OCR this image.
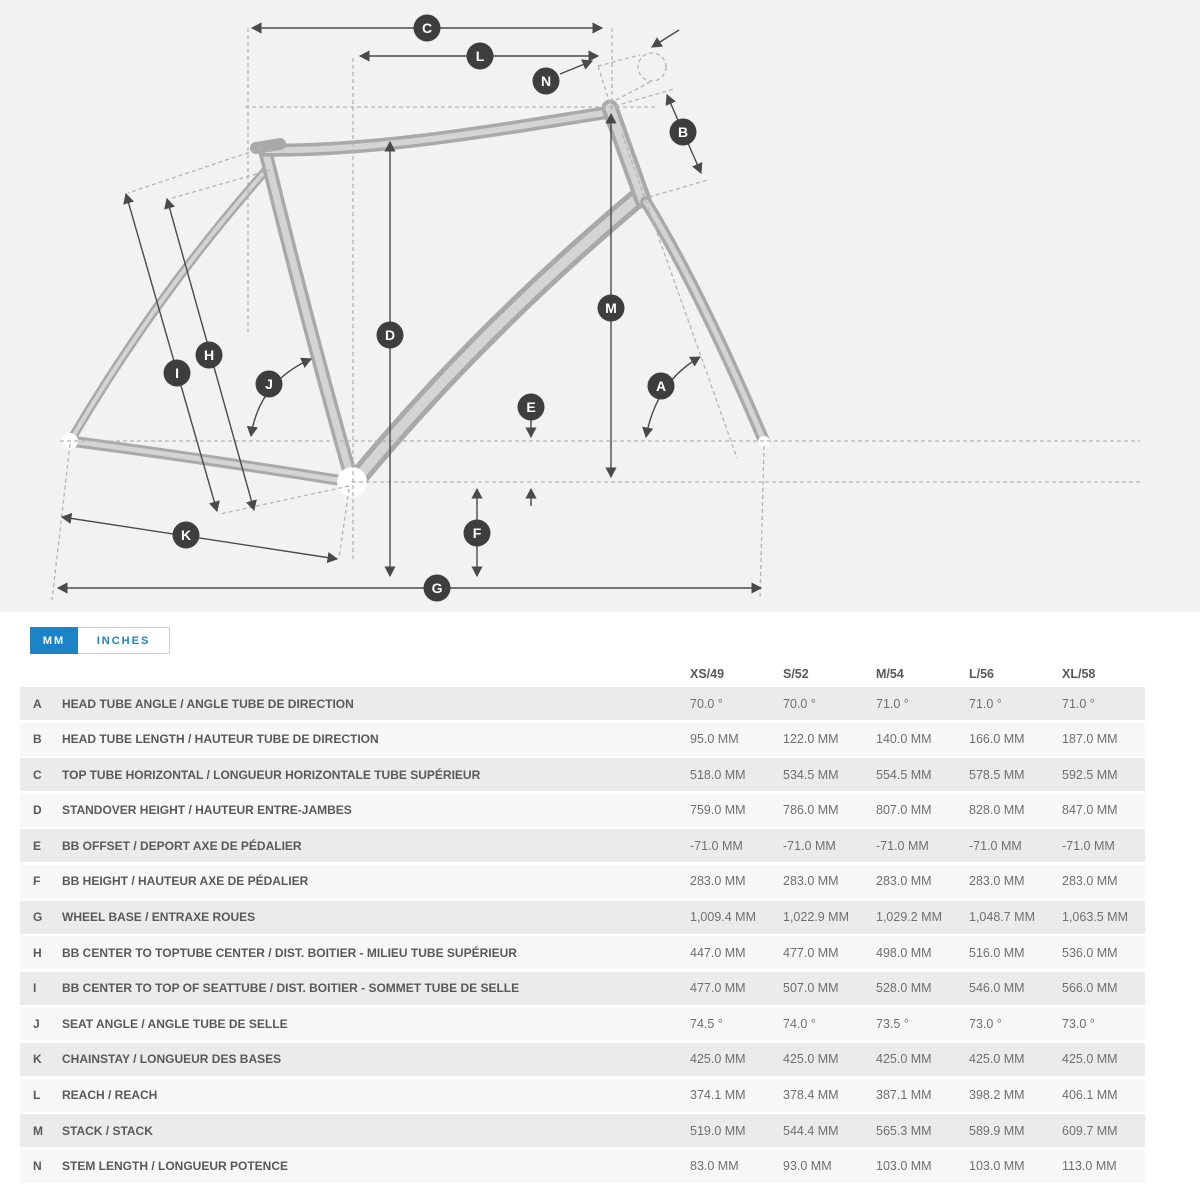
C
L
N
B
M
D
H
I
J
E
A
K	F
G
MM	INCHES
XS/49	S/52	M/54	L/56	XL/58
A	HEAD TUBE ANGLE / ANGLE TUBE DE DIRECTION	70.0 °	70.0 °	71.0 °	71.0 °	71.0 °
B	HEAD TUBE LENGTH / HAUTEUR TUBE DE DIRECTION	95.0 MM	122.0 MM	140.0 MM	166.0 MM	187.0 MM
C	TOP TUBE HORIZONTAL / LONGUEUR HORIZONTALE TUBE SUPÉRIEUR	518.0 MM	534.5 MM	554.5 MM	578.5 MM	592.5 MM
D	STANDOVER HEIGHT / HAUTEUR ENTRE-JAMBES	759.0 MM	786.0 MM	807.0 MM	828.0 MM	847.0 MM
E	BB OFFSET / DEPORT AXE DE PÉDALIER	-71.0 MM	-71.0 MM	-71.0 MM	-71.0 MM	-71.0 MM
F	BB HEIGHT / HAUTEUR AXE DE PÉDALIER	283.0 MM	283.0 MM	283.0 MM	283.0 MM	283.0 MM
G	WHEEL BASE / ENTRAXE ROUES	1,009.4 MM	1,022.9 MM	1,029.2 MM	1,048.7 MM	1,063.5 MM
H	BB CENTER TO TOPTUBE CENTER / DIST. BOITIER - MILIEU TUBE SUPÉRIEUR	447.0 MM	477.0 MM	498.0 MM	516.0 MM	536.0 MM
I	BB CENTER TO TOP OF SEATTUBE / DIST. BOITIER - SOMMET TUBE DE SELLE	477.0 MM	507.0 MM	528.0 MM	546.0 MM	566.0 MM
J	SEAT ANGLE / ANGLE TUBE DE SELLE	74.5 °	74.0 °	73.5 °	73.0 °	73.0 °
K	CHAINSTAY / LONGUEUR DES BASES	425.0 MM	425.0 MM	425.0 MM	425.0 MM	425.0 MM
L	REACH / REACH	374.1 MM	378.4 MM	387.1 MM	398.2 MM	406.1 MM
M	STACK / STACK	519.0 MM	544.4 MM	565.3 MM	589.9 MM	609.7 MM
N	STEM LENGTH / LONGUEUR POTENCE	83.0 MM	93.0 MM	103.0 MM	103.0 MM	113.0 MM
